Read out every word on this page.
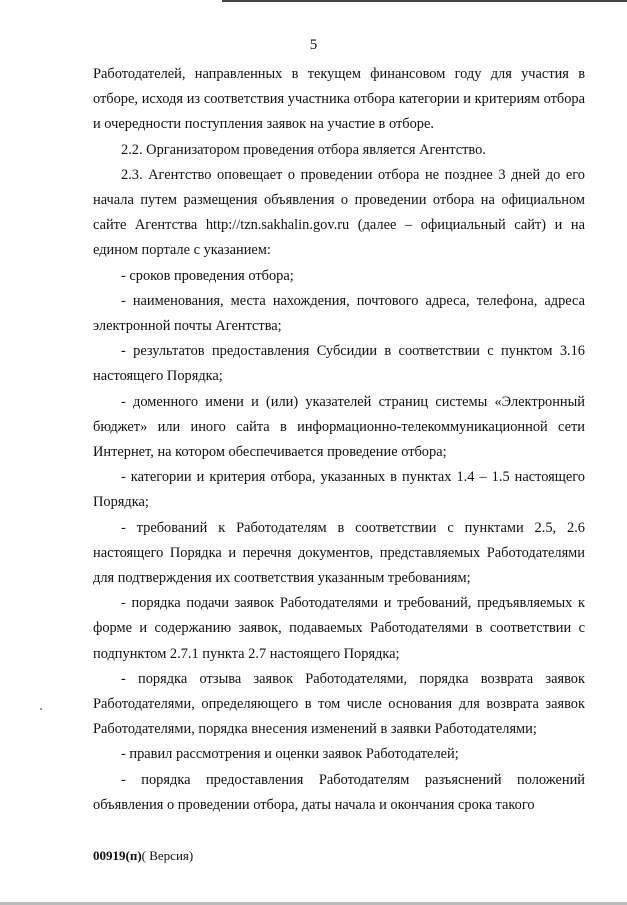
5

Работодателей, направленных в текущем финансовом году для участия в отборе, исходя из соответствия участника отбора категории и критериям отбора и очередности поступления заявок на участие в отборе.

2.2. Организатором проведения отбора является Агентство.

2.3. Агентство оповещает о проведении отбора не позднее 3 дней до его начала путем размещения объявления о проведении отбора на официальном сайте Агентства http://tzn.sakhalin.gov.ru (далее – официальный сайт) и на едином портале с указанием:

- сроков проведения отбора;

- наименования, места нахождения, почтового адреса, телефона, адреса электронной почты Агентства;

- результатов предоставления Субсидии в соответствии с пунктом 3.16 настоящего Порядка;

- доменного имени и (или) указателей страниц системы «Электронный бюджет» или иного сайта в информационно-телекоммуникационной сети Интернет, на котором обеспечивается проведение отбора;

- категории и критерия отбора, указанных в пунктах 1.4 – 1.5 настоящего Порядка;

- требований к Работодателям в соответствии с пунктами 2.5, 2.6 настоящего Порядка и перечня документов, представляемых Работодателями для подтверждения их соответствия указанным требованиям;

- порядка подачи заявок Работодателями и требований, предъявляемых к форме и содержанию заявок, подаваемых Работодателями в соответствии с подпунктом 2.7.1 пункта 2.7 настоящего Порядка;

- порядка отзыва заявок Работодателями, порядка возврата заявок Работодателями, определяющего в том числе основания для возврата заявок Работодателями, порядка внесения изменений в заявки Работодателями;

- правил рассмотрения и оценки заявок Работодателей;

- порядка предоставления Работодателям разъяснений положений объявления о проведении отбора, даты начала и окончания срока такого

00919(п)( Версия)
